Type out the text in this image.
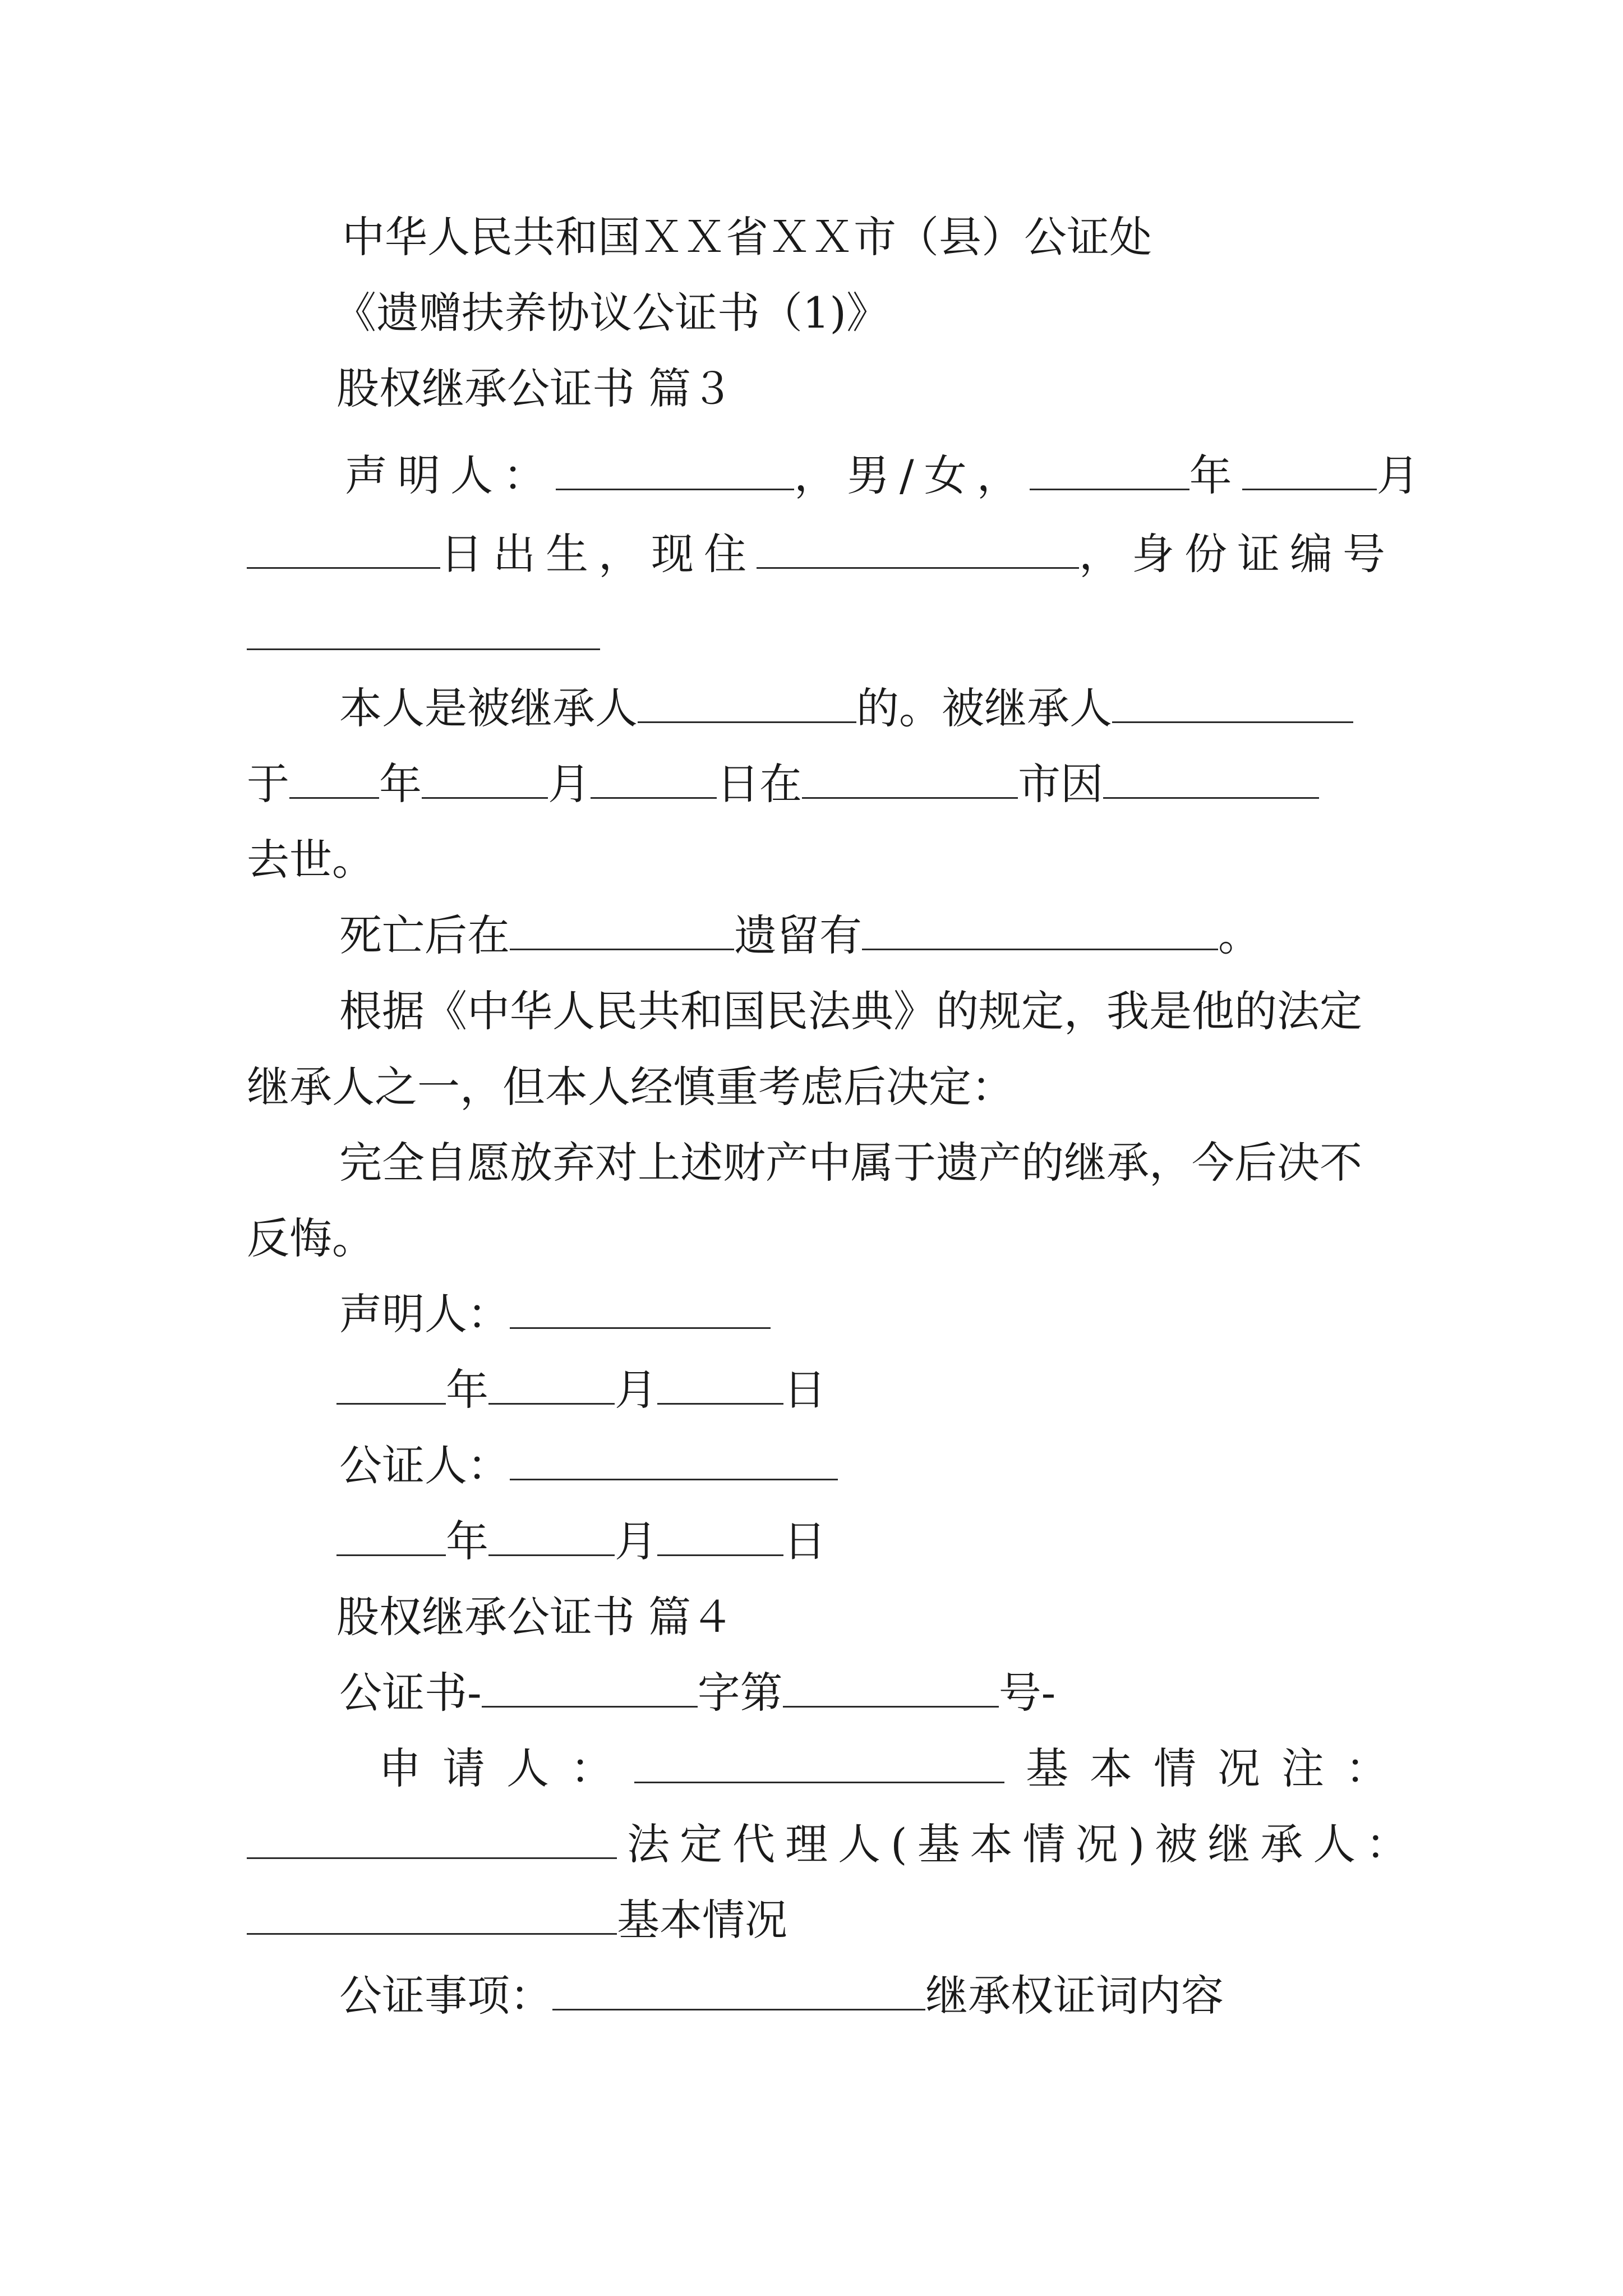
中华人民共和国ＸＸ省ＸＸ市（县）公证处
《遗赠扶养协议公证书（1)》
股权继承公证书 篇３
声明人：	，男/女，	年	月
日出生，现住	，身份证编号
本人是被继承人	的。被继承人
于 年	月	日在	市因
去世。
死亡后在	遗留有	。
根据《中华人民共和国民法典》的规定，我是他的法定
继承人之一，但本人经慎重考虑后决定：
完全自愿放弃对上述财产中属于遗产的继承，今后决不
反悔。
声明人：
年	月	日
公证人：
年	月	日
股权继承公证书 篇４
公证书-	字第	号-
申请人：	基本情况注：
法定代理人(基本情况)被继承人：
基本情况
公证事项：	继承权证词内容
